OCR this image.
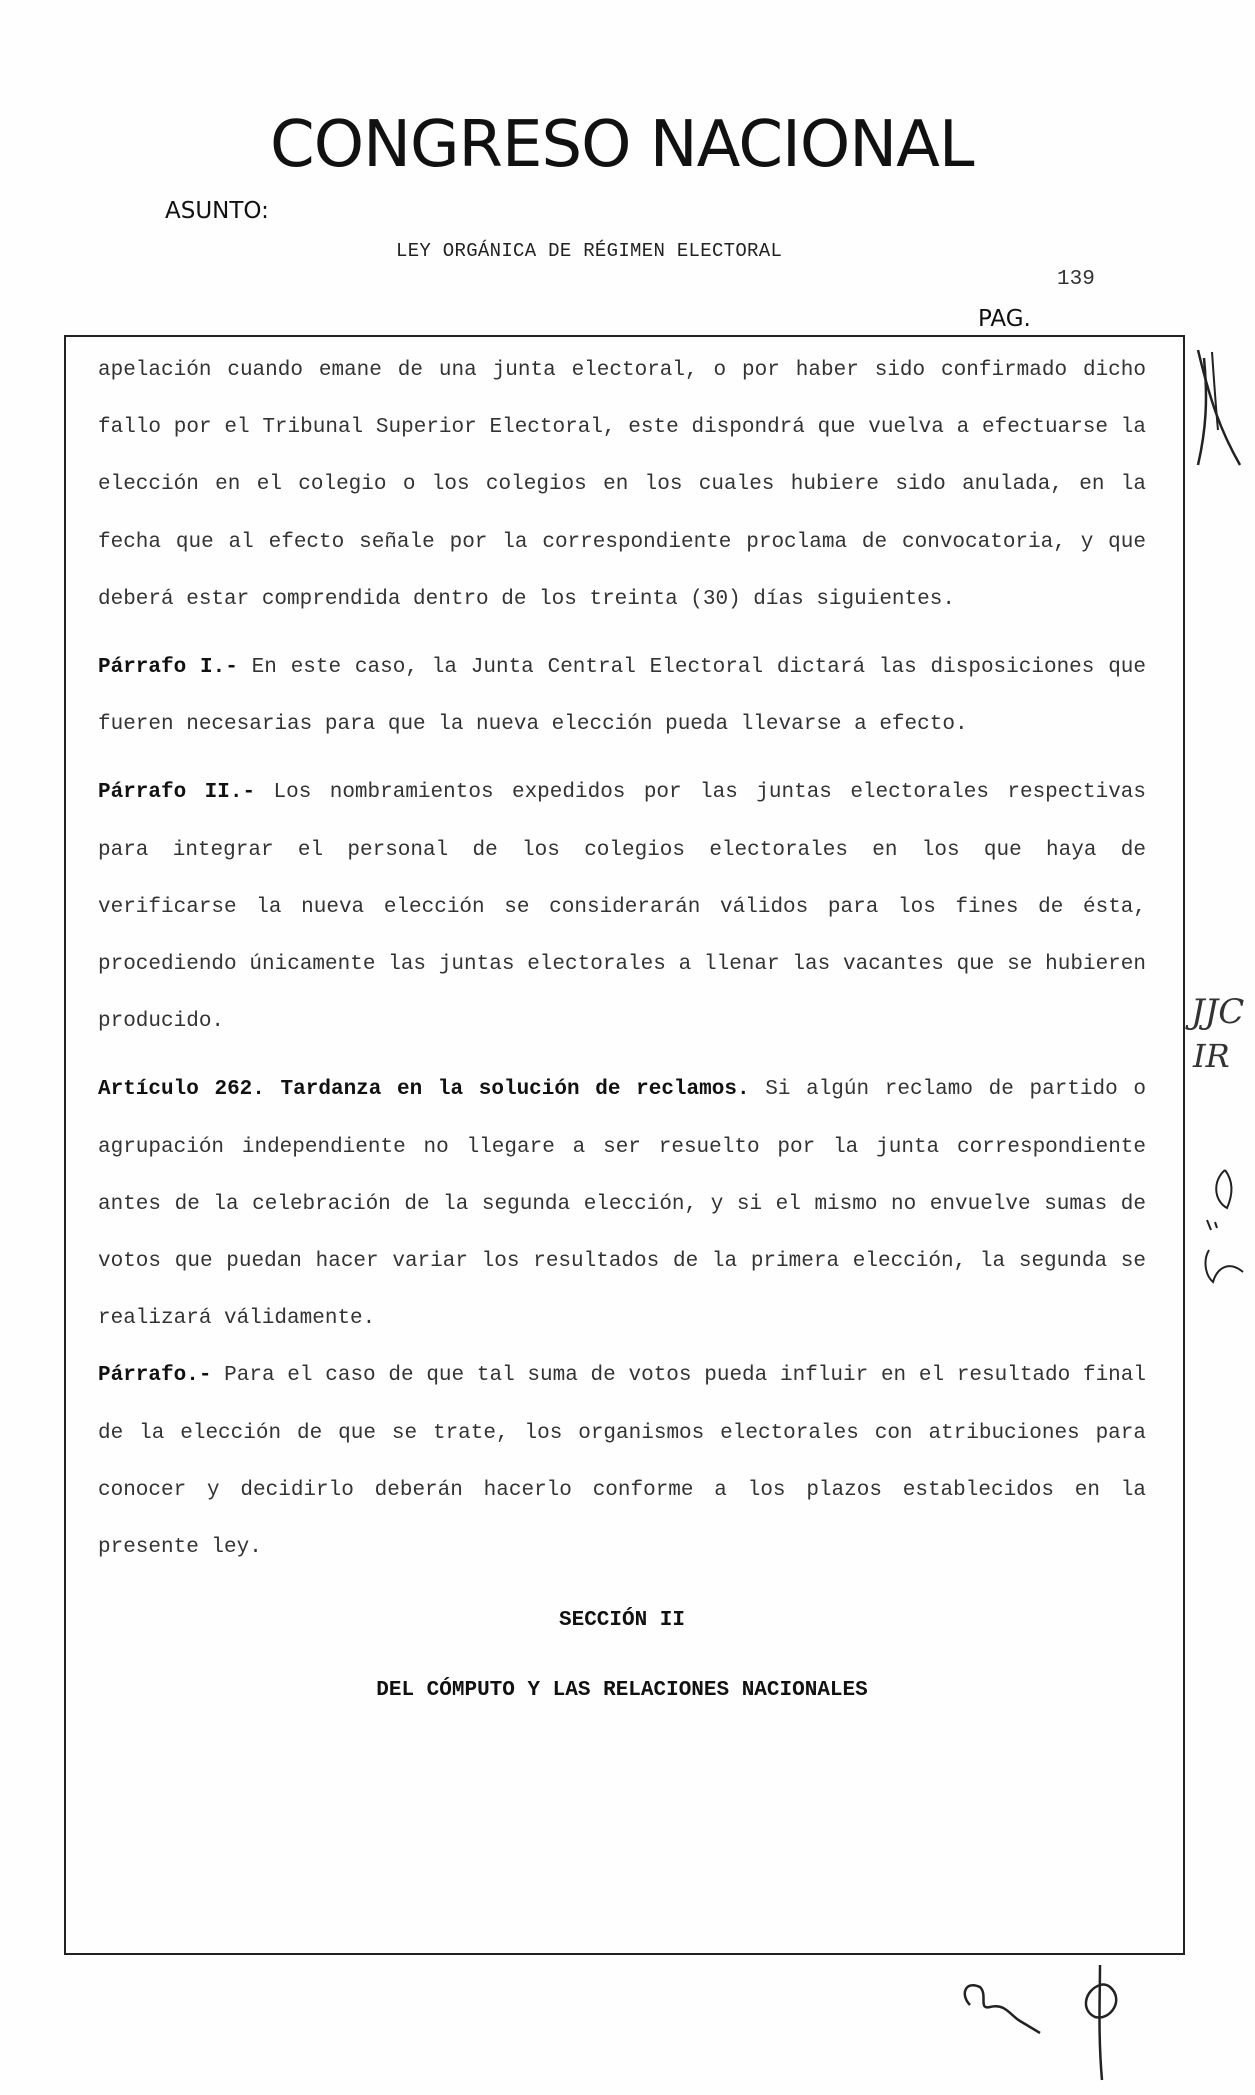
CONGRESO NACIONAL
ASUNTO:
LEY ORGÁNICA DE RÉGIMEN ELECTORAL
139
PAG.

apelación cuando emane de una junta electoral, o por haber sido confirmado dicho fallo por el Tribunal Superior Electoral, este dispondrá que vuelva a efectuarse la elección en el colegio o los colegios en los cuales hubiere sido anulada, en la fecha que al efecto señale por la correspondiente proclama de convocatoria, y que deberá estar comprendida dentro de los treinta (30) días siguientes.

Párrafo I.- En este caso, la Junta Central Electoral dictará las disposiciones que fueren necesarias para que la nueva elección pueda llevarse a efecto.

Párrafo II.- Los nombramientos expedidos por las juntas electorales respectivas para integrar el personal de los colegios electorales en los que haya de verificarse la nueva elección se considerarán válidos para los fines de ésta, procediendo únicamente las juntas electorales a llenar las vacantes que se hubieren producido.

Artículo 262. Tardanza en la solución de reclamos. Si algún reclamo de partido o agrupación independiente no llegare a ser resuelto por la junta correspondiente antes de la celebración de la segunda elección, y si el mismo no envuelve sumas de votos que puedan hacer variar los resultados de la primera elección, la segunda se realizará válidamente.

Párrafo.- Para el caso de que tal suma de votos pueda influir en el resultado final de la elección de que se trate, los organismos electorales con atribuciones para conocer y decidirlo deberán hacerlo conforme a los plazos establecidos en la presente ley.

SECCIÓN II

DEL CÓMPUTO Y LAS RELACIONES NACIONALES

JJC
IR
